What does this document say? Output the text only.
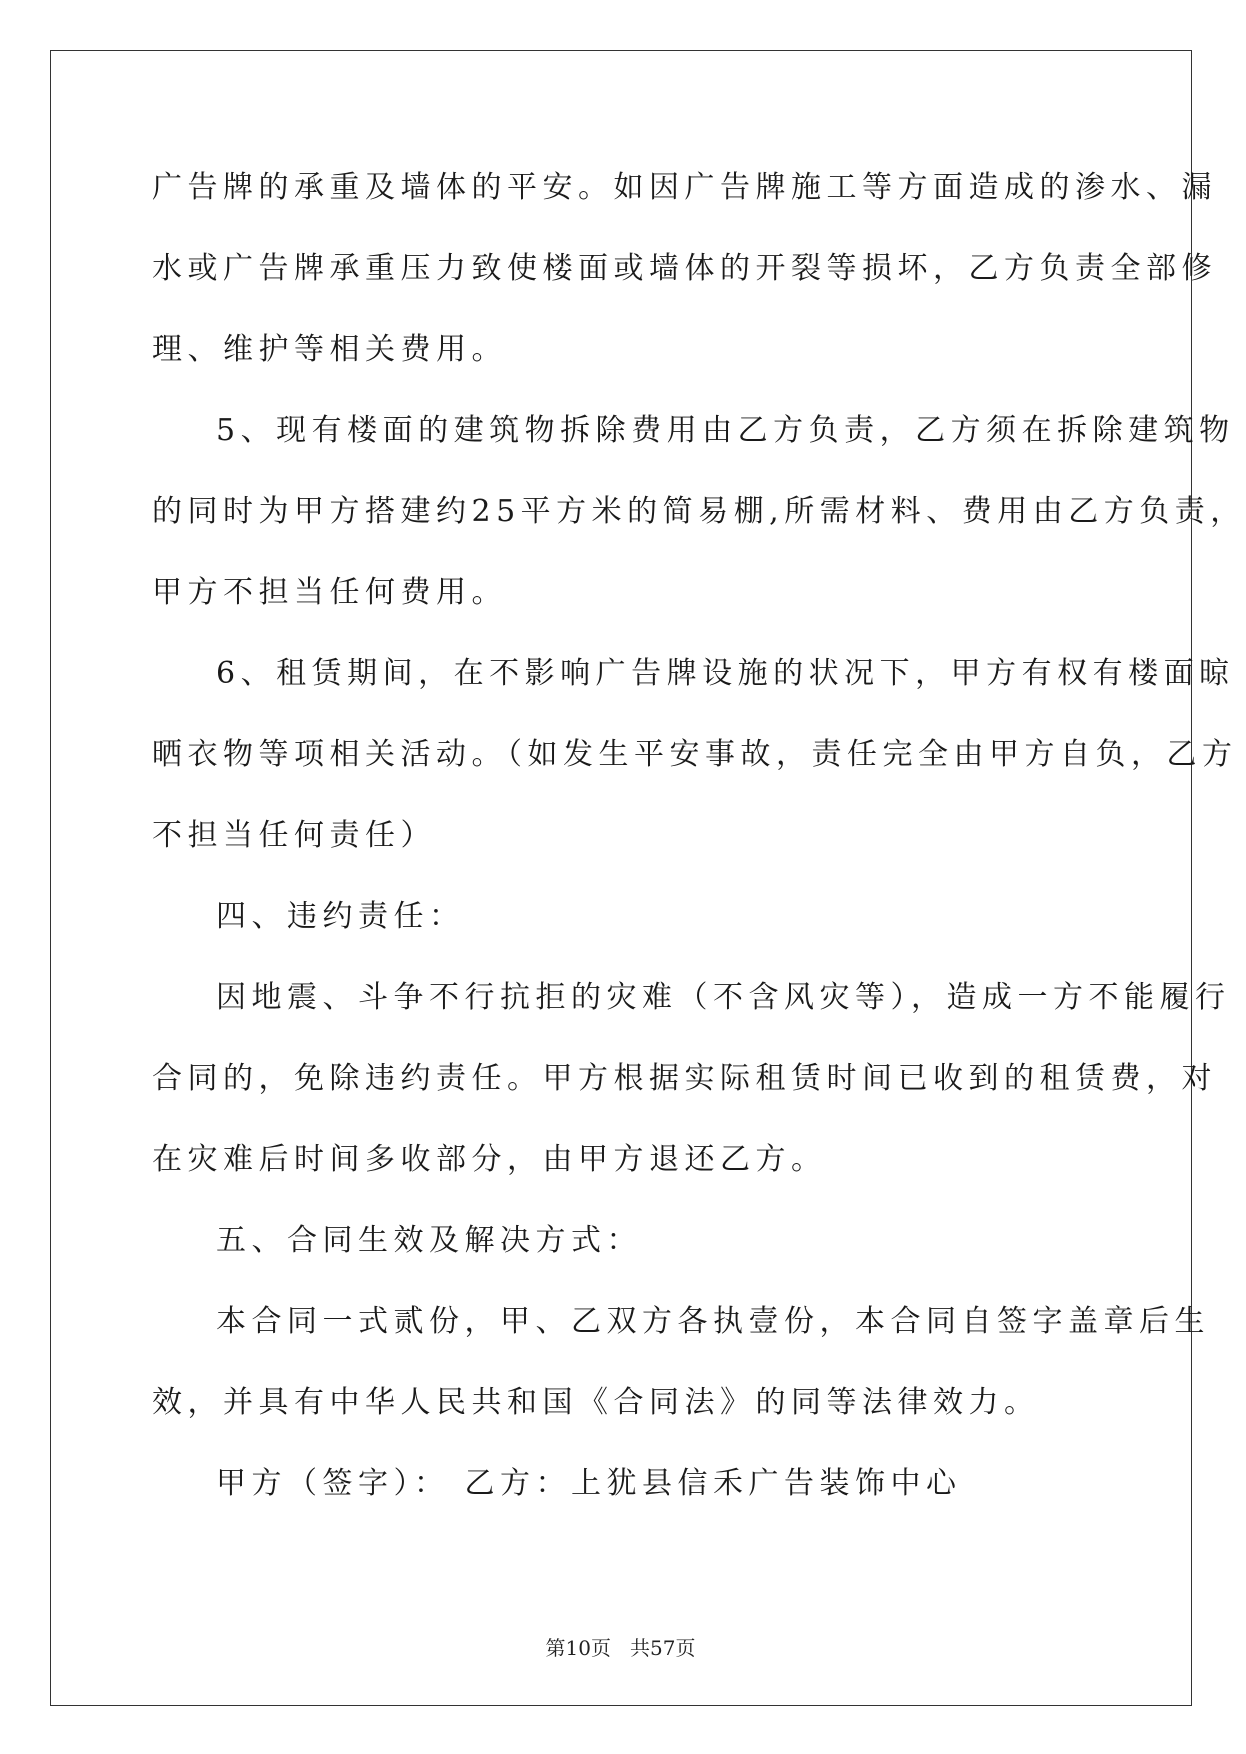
广告牌的承重及墙体的平安。如因广告牌施工等方面造成的渗水、漏
水或广告牌承重压力致使楼面或墙体的开裂等损坏，乙方负责全部修
理、维护等相关费用。
5、现有楼面的建筑物拆除费用由乙方负责，乙方须在拆除建筑物
的同时为甲方搭建约25平方米的简易棚,所需材料、费用由乙方负责，
甲方不担当任何费用。
6、租赁期间，在不影响广告牌设施的状况下，甲方有权有楼面晾
晒衣物等项相关活动。（如发生平安事故，责任完全由甲方自负，乙方
不担当任何责任）
四、违约责任：
因地震、斗争不行抗拒的灾难（不含风灾等），造成一方不能履行
合同的，免除违约责任。甲方根据实际租赁时间已收到的租赁费，对
在灾难后时间多收部分，由甲方退还乙方。
五、合同生效及解决方式：
本合同一式贰份，甲、乙双方各执壹份，本合同自签字盖章后生
效，并具有中华人民共和国《合同法》的同等法律效力。
甲方（签字）： 乙方：上犹县信禾广告装饰中心
第10页   共57页
